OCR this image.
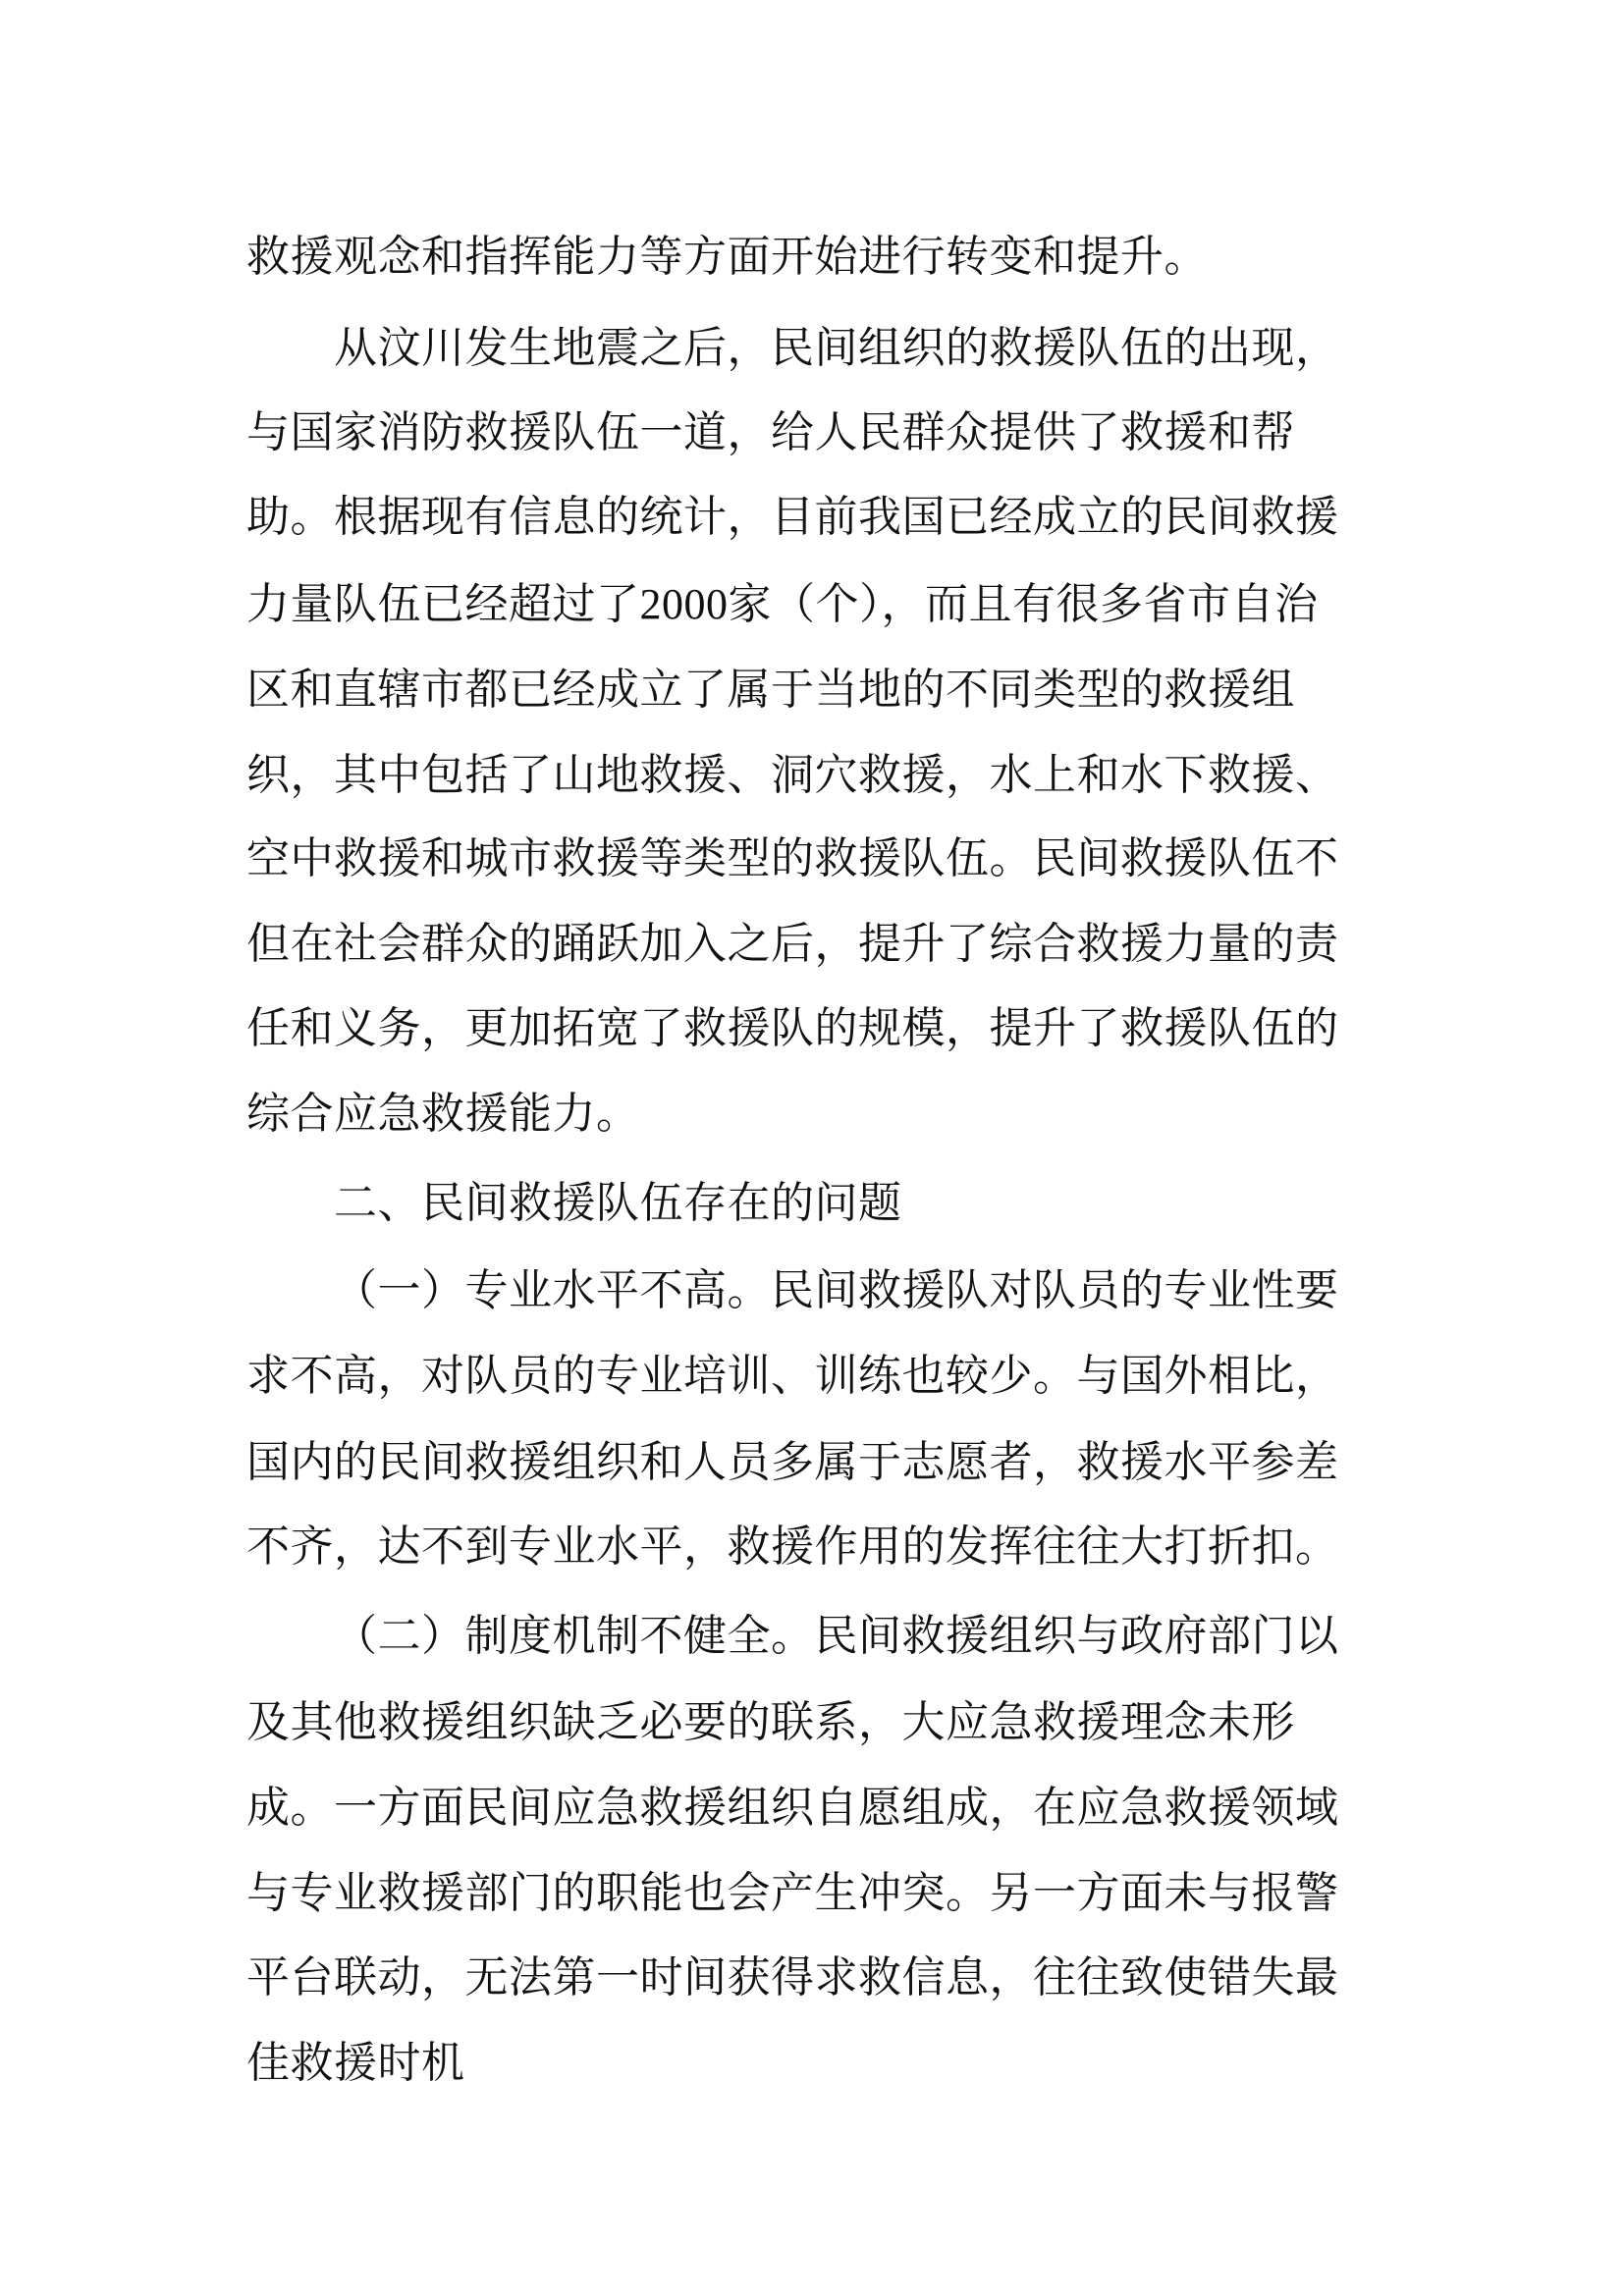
救援观念和指挥能力等方面开始进行转变和提升。
从汶川发生地震之后，民间组织的救援队伍的出现，
与国家消防救援队伍一道，给人民群众提供了救援和帮
助。根据现有信息的统计，目前我国已经成立的民间救援
力量队伍已经超过了2000家（个），而且有很多省市自治
区和直辖市都已经成立了属于当地的不同类型的救援组
织，其中包括了山地救援、洞穴救援，水上和水下救援、
空中救援和城市救援等类型的救援队伍。民间救援队伍不
但在社会群众的踊跃加入之后，提升了综合救援力量的责
任和义务，更加拓宽了救援队的规模，提升了救援队伍的
综合应急救援能力。
二、民间救援队伍存在的问题
（一）专业水平不高。民间救援队对队员的专业性要
求不高，对队员的专业培训、训练也较少。与国外相比，
国内的民间救援组织和人员多属于志愿者，救援水平参差
不齐，达不到专业水平，救援作用的发挥往往大打折扣。
（二）制度机制不健全。民间救援组织与政府部门以
及其他救援组织缺乏必要的联系，大应急救援理念未形
成。一方面民间应急救援组织自愿组成，在应急救援领域
与专业救援部门的职能也会产生冲突。另一方面未与报警
平台联动，无法第一时间获得求救信息，往往致使错失最
佳救援时机
